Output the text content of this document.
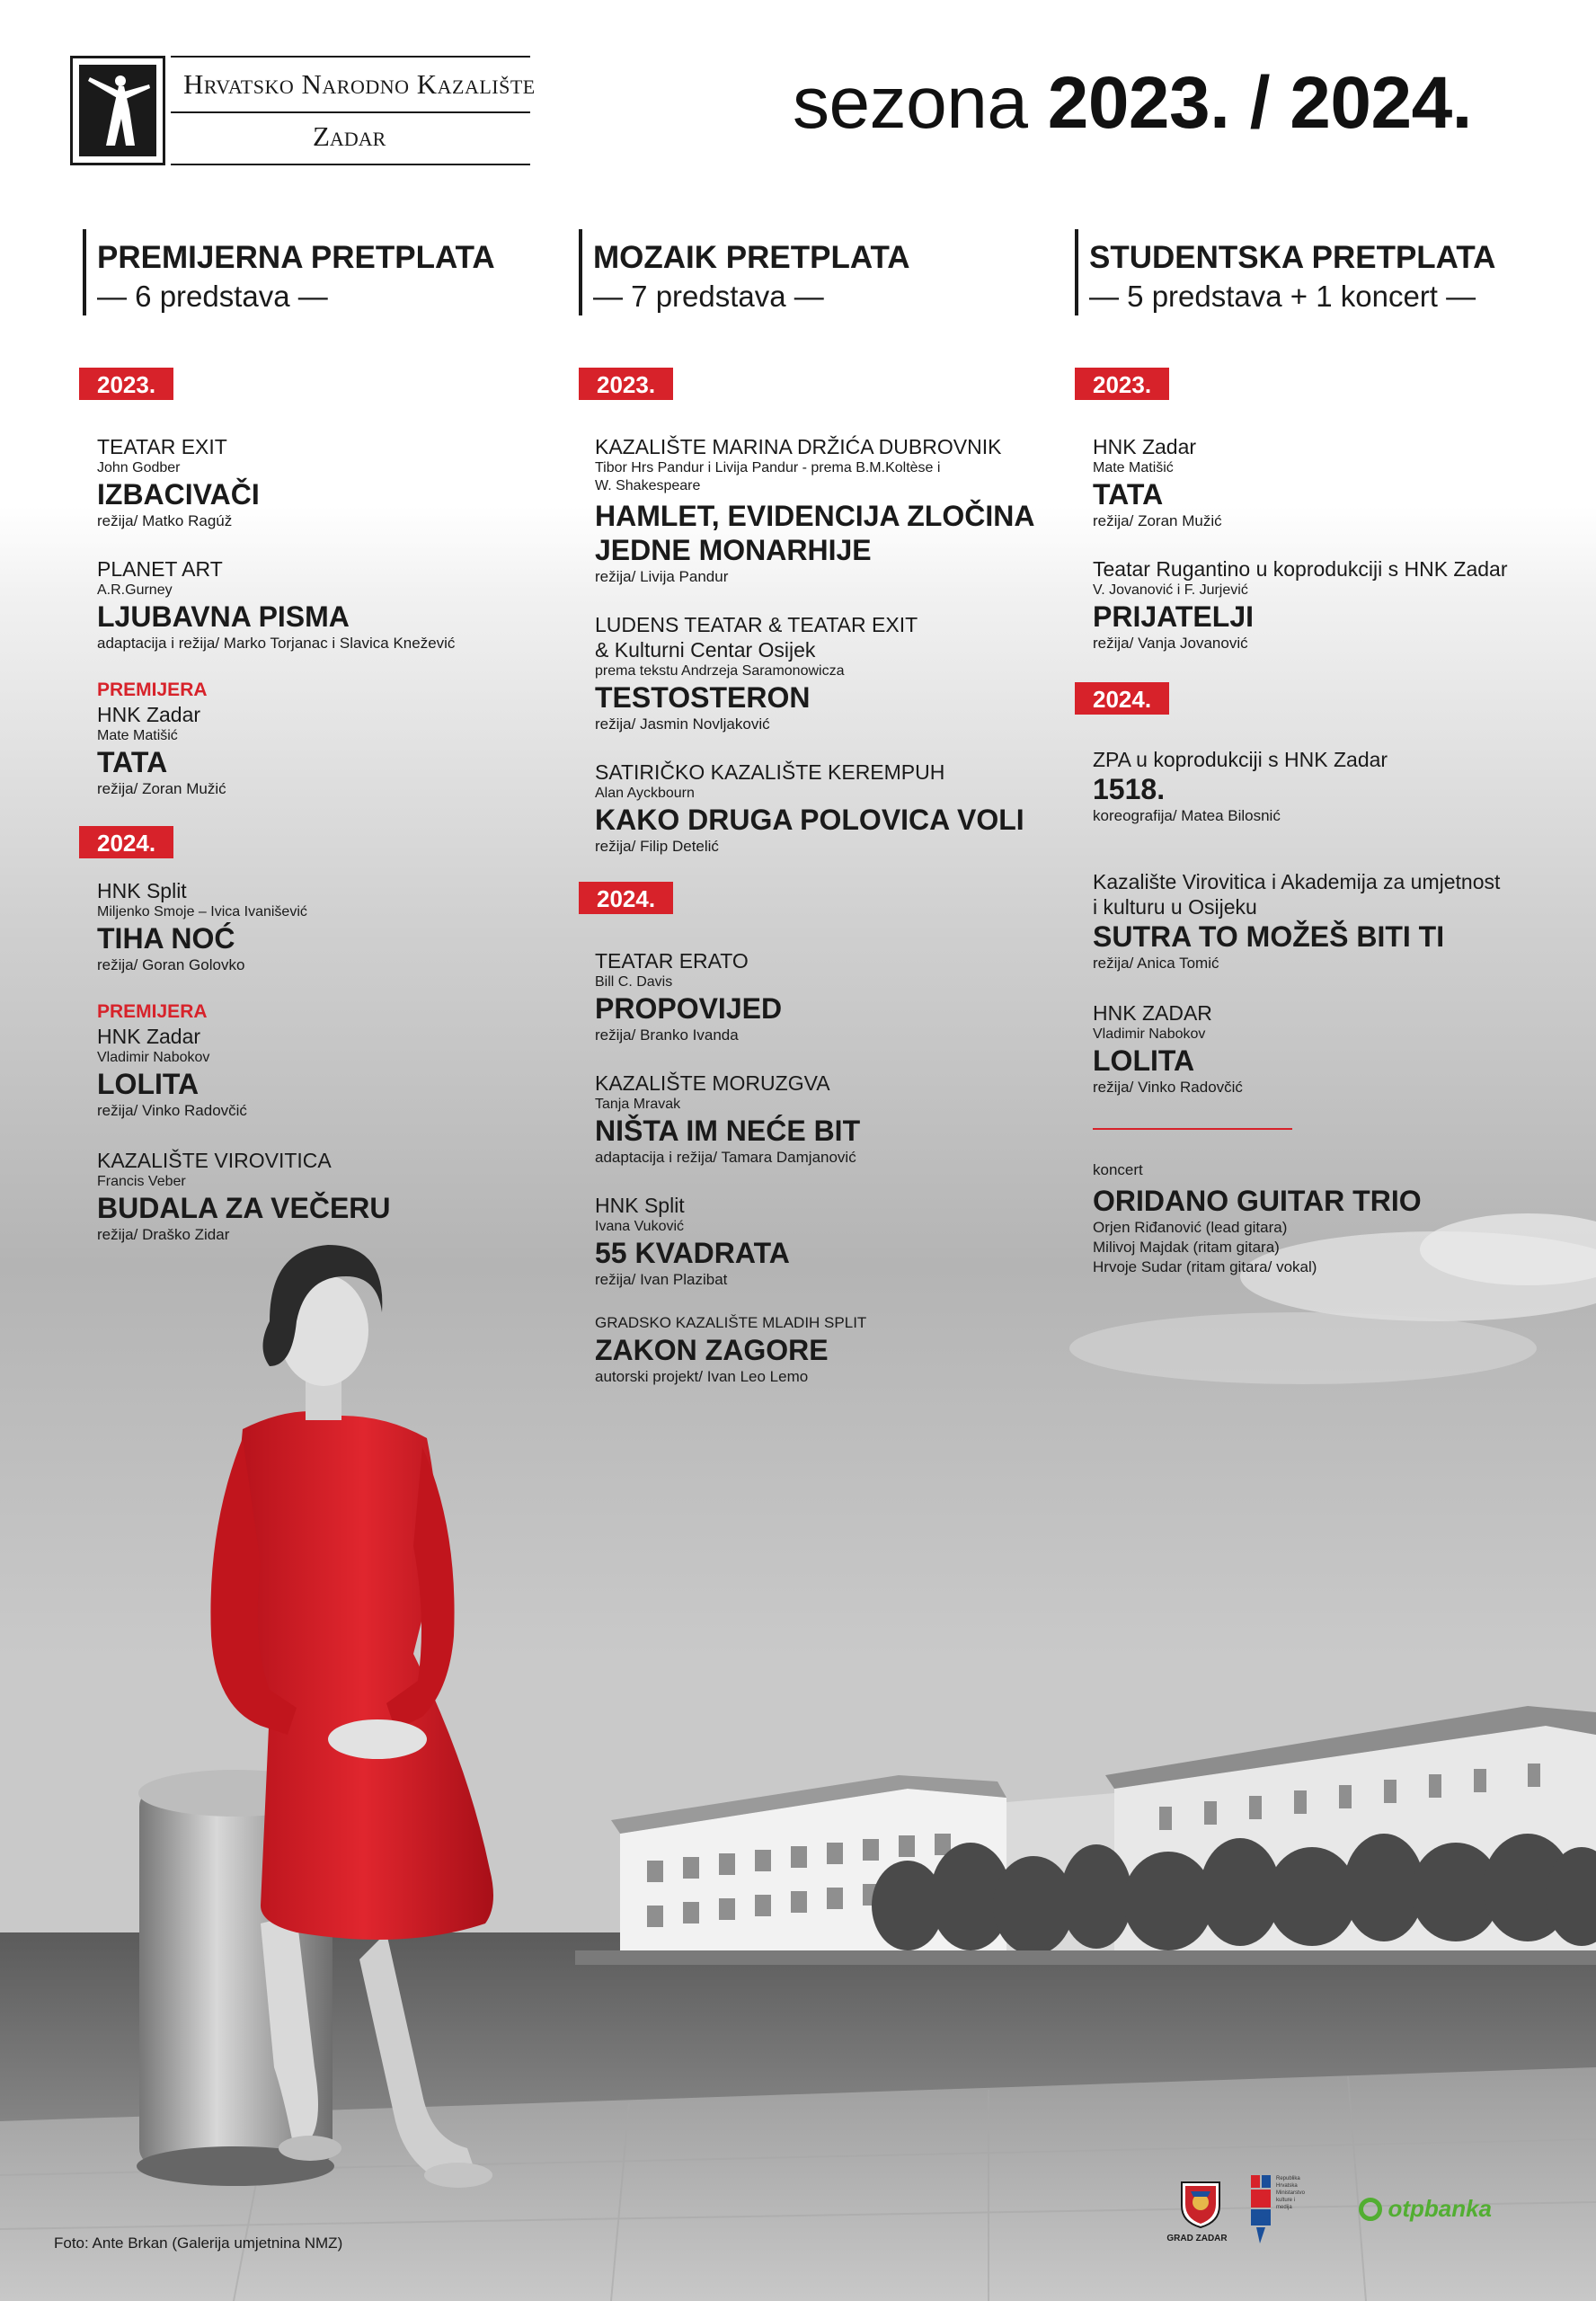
Hrvatsko Narodno Kazalište
Zadar	sezona 2023. / 2024.
PREMIJERNA PRETPLATA
— 6 predstava —
2023.
TEATAR EXIT
John Godber
IZBACIVAČI
režija/ Matko Ragúž
PLANET ART
A.R.Gurney
LJUBAVNA PISMA
adaptacija i režija/ Marko Torjanac i Slavica Knežević
PREMIJERA
HNK Zadar
Mate Matišić
TATA
režija/ Zoran Mužić
2024.
HNK Split
Miljenko Smoje – Ivica Ivanišević
TIHA NOĆ
režija/ Goran Golovko
PREMIJERA
HNK Zadar
Vladimir Nabokov
LOLITA
režija/ Vinko Radovčić
KAZALIŠTE VIROVITICA
Francis Veber
BUDALA ZA VEČERU
režija/ Draško Zidar
MOZAIK PRETPLATA
— 7 predstava —
2023.
KAZALIŠTE MARINA DRŽIĆA DUBROVNIK
Tibor Hrs Pandur i Livija Pandur - prema B.M.Koltèse i
W. Shakespeare
HAMLET, EVIDENCIJA ZLOČINA
JEDNE MONARHIJE
režija/ Livija Pandur
LUDENS TEATAR & TEATAR EXIT
& Kulturni Centar Osijek
prema tekstu Andrzeja Saramonowicza
TESTOSTERON
režija/ Jasmin Novljaković
SATIRIČKO KAZALIŠTE KEREMPUH
Alan Ayckbourn
KAKO DRUGA POLOVICA VOLI
režija/ Filip Detelić
2024.
TEATAR ERATO
Bill C. Davis
PROPOVIJED
režija/ Branko Ivanda
KAZALIŠTE MORUZGVA
Tanja Mravak
NIŠTA IM NEĆE BIT
adaptacija i režija/ Tamara Damjanović
HNK Split
Ivana Vuković
55 KVADRATA
režija/ Ivan Plazibat
GRADSKO KAZALIŠTE MLADIH SPLIT
ZAKON ZAGORE
autorski projekt/ Ivan Leo Lemo
STUDENTSKA PRETPLATA
— 5 predstava + 1 koncert —
2023.
HNK Zadar
Mate Matišić
TATA
režija/ Zoran Mužić
Teatar Rugantino u koprodukciji s HNK Zadar
V. Jovanović i F. Jurjević
PRIJATELJI
režija/ Vanja Jovanović
2024.
ZPA u koprodukciji s HNK Zadar
1518.
koreografija/ Matea Bilosnić
Kazalište Virovitica i Akademija za umjetnost
i kulturu u Osijeku
SUTRA TO MOŽEŠ BITI TI
režija/ Anica Tomić
HNK ZADAR
Vladimir Nabokov
LOLITA
režija/ Vinko Radovčić
koncert
ORIDANO GUITAR TRIO
Orjen Riđanović (lead gitara)
Milivoj Majdak (ritam gitara)
Hrvoje Sudar (ritam gitara/ vokal)
Foto: Ante Brkan (Galerija umjetnina NMZ)	GRAD ZADAR
Republika Hrvatska Ministarstvo kulture i medija	otpbanka
